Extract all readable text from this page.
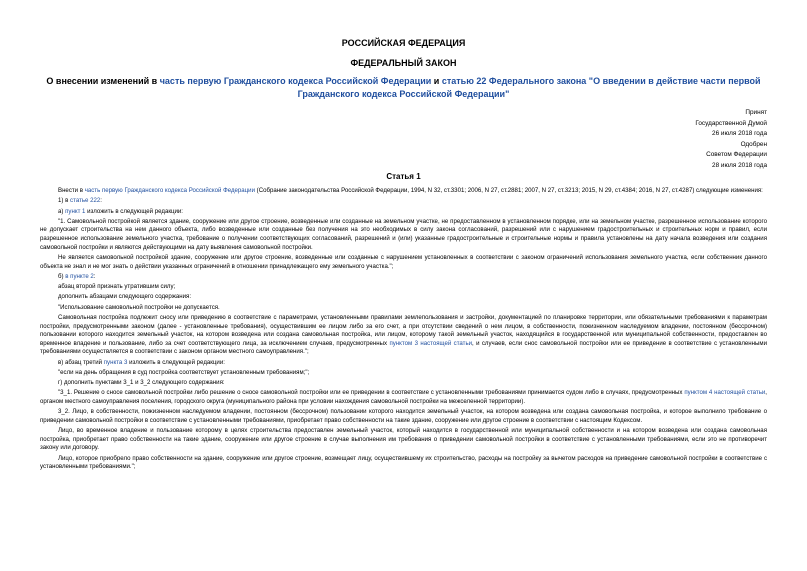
РОССИЙСКАЯ ФЕДЕРАЦИЯ
ФЕДЕРАЛЬНЫЙ ЗАКОН
О внесении изменений в часть первую Гражданского кодекса Российской Федерации и статью 22 Федерального закона "О введении в действие части первой Гражданского кодекса Российской Федерации"
Принят
Государственной Думой
26 июля 2018 года
Одобрен
Советом Федерации
28 июля 2018 года
Статья 1

Внести в часть первую Гражданского кодекса Российской Федерации (Собрание законодательства Российской Федерации, 1994, N 32, ст.3301; 2006, N 27, ст.2881; 2007, N 27, ст.3213; 2015, N 29, ст.4384; 2016, N 27, ст.4287) следующие изменения:

1) в статье 222:

а) пункт 1 изложить в следующей редакции:

"1. Самовольной постройкой является здание, сооружение или другое строение, возведенные или созданные на земельном участке, не предоставленном в установленном порядке, или на земельном участке, разрешенное использование которого не допускает строительства на нем данного объекта, либо возведенные или созданные без получения на это необходимых в силу закона согласований, разрешений или с нарушением градостроительных и строительных норм и правил, если разрешенное использование земельного участка, требование о получении соответствующих согласований, разрешений и (или) указанные градостроительные и строительные нормы и правила установлены на дату начала возведения или создания самовольной постройки и являются действующими на дату выявления самовольной постройки.

Не является самовольной постройкой здание, сооружение или другое строение, возведенные или созданные с нарушением установленных в соответствии с законом ограничений использования земельного участка, если собственник данного объекта не знал и не мог знать о действии указанных ограничений в отношении принадлежащего ему земельного участка.";

б) в пункте 2:

абзац второй признать утратившим силу;

дополнить абзацами следующего содержания:

"Использование самовольной постройки не допускается.

Самовольная постройка подлежит сносу или приведению в соответствие с параметрами, установленными правилами землепользования и застройки, документацией по планировке территории, или обязательными требованиями к параметрам постройки, предусмотренными законом (далее - установленные требования), осуществившим ее лицом либо за его счет, а при отсутствии сведений о нем лицом, в собственности, пожизненном наследуемом владении, постоянном (бессрочном) пользовании которого находится земельный участок, на котором возведена или создана самовольная постройка, или лицом, которому такой земельный участок, находящийся в государственной или муниципальной собственности, предоставлен во временное владение и пользование, либо за счет соответствующего лица, за исключением случаев, предусмотренных пунктом 3 настоящей статьи, и случаев, если снос самовольной постройки или ее приведение в соответствие с установленными требованиями осуществляется в соответствии с законом органом местного самоуправления.";

в) абзац третий пункта 3 изложить в следующей редакции:

"если на день обращения в суд постройка соответствует установленным требованиям;";

г) дополнить пунктами 3_1 и 3_2 следующего содержания:

"3_1. Решение о сносе самовольной постройки либо решение о сносе самовольной постройки или ее приведении в соответствие с установленными требованиями принимается судом либо в случаях, предусмотренных пунктом 4 настоящей статьи, органом местного самоуправления поселения, городского округа (муниципального района при условии нахождения самовольной постройки на межселенной территории).

3_2. Лицо, в собственности, пожизненном наследуемом владении, постоянном (бессрочном) пользовании которого находится земельный участок, на котором возведена или создана самовольная постройка, и которое выполнило требование о приведении самовольной постройки в соответствие с установленными требованиями, приобретает право собственности на такие здание, сооружение или другое строение в соответствии с настоящим Кодексом.

Лицо, во временное владение и пользование которому в целях строительства предоставлен земельный участок, который находится в государственной или муниципальной собственности и на котором возведена или создана самовольная постройка, приобретает право собственности на такие здание, сооружение или другое строение в случае выполнения им требования о приведении самовольной постройки в соответствие с установленными требованиями, если это не противоречит закону или договору.

Лицо, которое приобрело право собственности на здание, сооружение или другое строение, возмещает лицу, осуществившему их строительство, расходы на постройку за вычетом расходов на приведение самовольной постройки в соответствие с установленными требованиями.";
